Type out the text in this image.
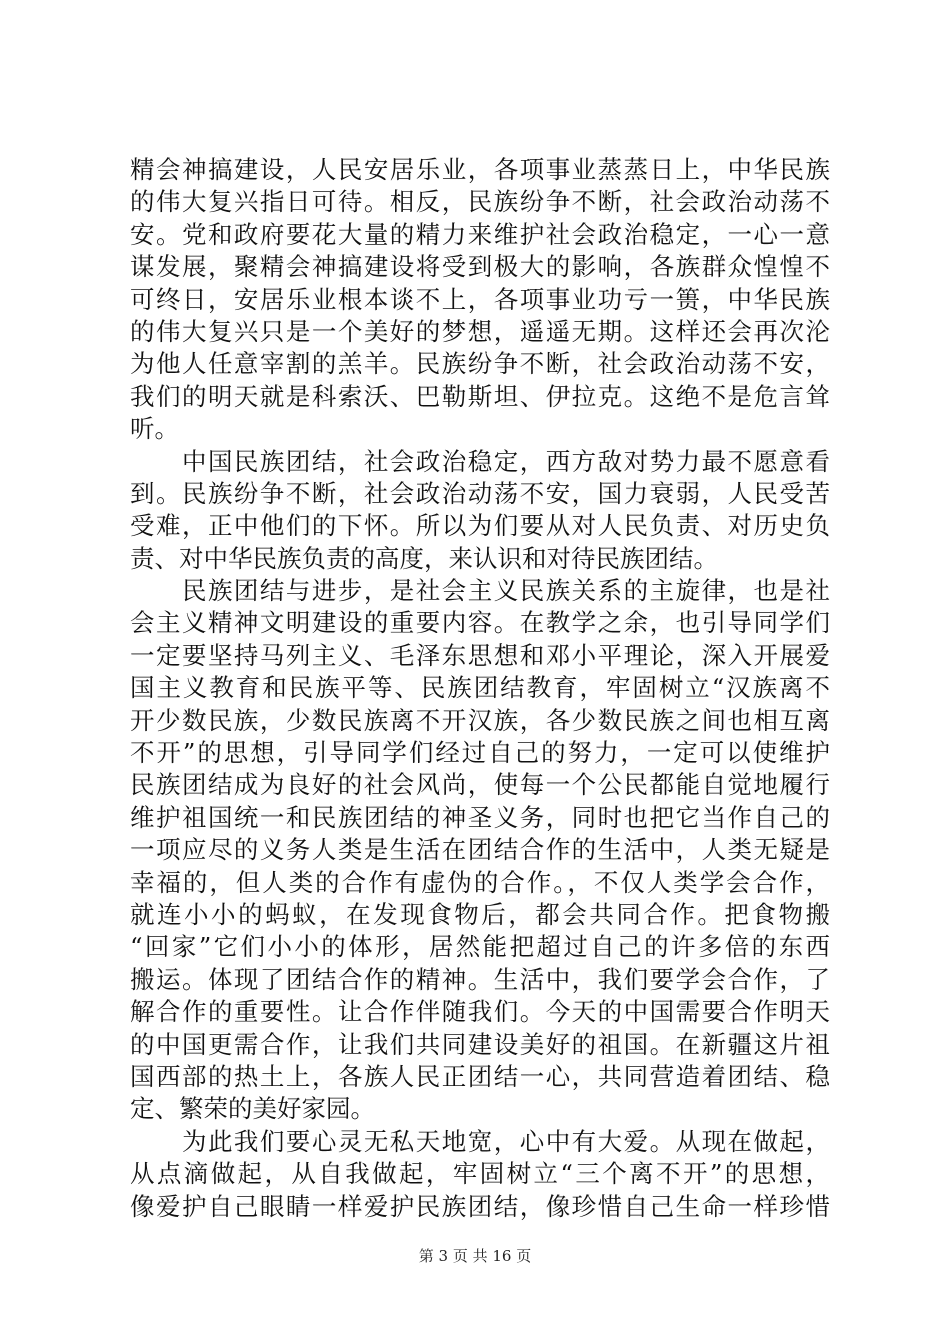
精会神搞建设，人民安居乐业，各项事业蒸蒸日上，中华民族
的伟大复兴指日可待。相反，民族纷争不断，社会政治动荡不
安。党和政府要花大量的精力来维护社会政治稳定，一心一意
谋发展，聚精会神搞建设将受到极大的影响，各族群众惶惶不
可终日，安居乐业根本谈不上，各项事业功亏一篑，中华民族
的伟大复兴只是一个美好的梦想，遥遥无期。这样还会再次沦
为他人任意宰割的羔羊。民族纷争不断，社会政治动荡不安，
我们的明天就是科索沃、巴勒斯坦、伊拉克。这绝不是危言耸
听。
　　中国民族团结，社会政治稳定，西方敌对势力最不愿意看
到。民族纷争不断，社会政治动荡不安，国力衰弱，人民受苦
受难，正中他们的下怀。所以为们要从对人民负责、对历史负
责、对中华民族负责的高度，来认识和对待民族团结。
　　民族团结与进步，是社会主义民族关系的主旋律，也是社
会主义精神文明建设的重要内容。在教学之余，也引导同学们
一定要坚持马列主义、毛泽东思想和邓小平理论，深入开展爱
国主义教育和民族平等、民族团结教育，牢固树立“汉族离不
开少数民族，少数民族离不开汉族，各少数民族之间也相互离
不开”的思想，引导同学们经过自己的努力，一定可以使维护
民族团结成为良好的社会风尚，使每一个公民都能自觉地履行
维护祖国统一和民族团结的神圣义务，同时也把它当作自己的
一项应尽的义务人类是生活在团结合作的生活中，人类无疑是
幸福的，但人类的合作有虚伪的合作。，不仅人类学会合作，
就连小小的蚂蚁，在发现食物后，都会共同合作。把食物搬
“回家”它们小小的体形，居然能把超过自己的许多倍的东西
搬运。体现了团结合作的精神。生活中，我们要学会合作，了
解合作的重要性。让合作伴随我们。今天的中国需要合作明天
的中国更需合作，让我们共同建设美好的祖国。在新疆这片祖
国西部的热土上，各族人民正团结一心，共同营造着团结、稳
定、繁荣的美好家园。
　　为此我们要心灵无私天地宽，心中有大爱。从现在做起，
从点滴做起，从自我做起，牢固树立“三个离不开”的思想，
像爱护自己眼睛一样爱护民族团结，像珍惜自己生命一样珍惜
第 3 页 共 16 页
